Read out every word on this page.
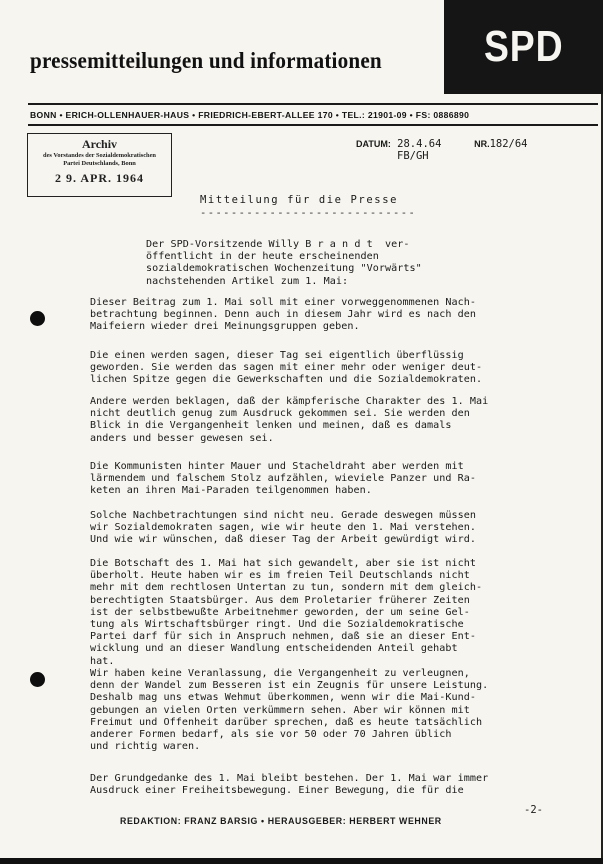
pressemitteilungen und informationen SPD
BONN • ERICH-OLLENHAUER-HAUS • FRIEDRICH-EBERT-ALLEE 170 • TEL.: 21901-09 • FS: 0886890
Archiv
des Vorstandes der Sozialdemokratischen
Partei Deutschlands, Bonn
2 9. APR. 1964
DATUM: 28.4.64	NR.182/64
FB/GH
Mitteilung für die Presse
----------------------------
Der SPD-Vorsitzende Willy B r a n d t  ver-
öffentlicht in der heute erscheinenden
sozialdemokratischen Wochenzeitung "Vorwärts"
nachstehenden Artikel zum 1. Mai:
Dieser Beitrag zum 1. Mai soll mit einer vorweggenommenen Nach-
betrachtung beginnen. Denn auch in diesem Jahr wird es nach den
Maifeiern wieder drei Meinungsgruppen geben.
Die einen werden sagen, dieser Tag sei eigentlich überflüssig
geworden. Sie werden das sagen mit einer mehr oder weniger deut-
lichen Spitze gegen die Gewerkschaften und die Sozialdemokraten.
Andere werden beklagen, daß der kämpferische Charakter des 1. Mai
nicht deutlich genug zum Ausdruck gekommen sei. Sie werden den
Blick in die Vergangenheit lenken und meinen, daß es damals
anders und besser gewesen sei.
Die Kommunisten hinter Mauer und Stacheldraht aber werden mit
lärmendem und falschem Stolz aufzählen, wieviele Panzer und Ra-
keten an ihren Mai-Paraden teilgenommen haben.
Solche Nachbetrachtungen sind nicht neu. Gerade deswegen müssen
wir Sozialdemokraten sagen, wie wir heute den 1. Mai verstehen.
Und wie wir wünschen, daß dieser Tag der Arbeit gewürdigt wird.
Die Botschaft des 1. Mai hat sich gewandelt, aber sie ist nicht
überholt. Heute haben wir es im freien Teil Deutschlands nicht
mehr mit dem rechtlosen Untertan zu tun, sondern mit dem gleich-
berechtigten Staatsbürger. Aus dem Proletarier früherer Zeiten
ist der selbstbewußte Arbeitnehmer geworden, der um seine Gel-
tung als Wirtschaftsbürger ringt. Und die Sozialdemokratische
Partei darf für sich in Anspruch nehmen, daß sie an dieser Ent-
wicklung und an dieser Wandlung entscheidenden Anteil gehabt
hat.
Wir haben keine Veranlassung, die Vergangenheit zu verleugnen,
denn der Wandel zum Besseren ist ein Zeugnis für unsere Leistung.
Deshalb mag uns etwas Wehmut überkommen, wenn wir die Mai-Kund-
gebungen an vielen Orten verkümmern sehen. Aber wir können mit
Freimut und Offenheit darüber sprechen, daß es heute tatsächlich
anderer Formen bedarf, als sie vor 50 oder 70 Jahren üblich
und richtig waren.
Der Grundgedanke des 1. Mai bleibt bestehen. Der 1. Mai war immer
Ausdruck einer Freiheitsbewegung. Einer Bewegung, die für die
-2-
REDAKTION: FRANZ BARSIG • HERAUSGEBER: HERBERT WEHNER
